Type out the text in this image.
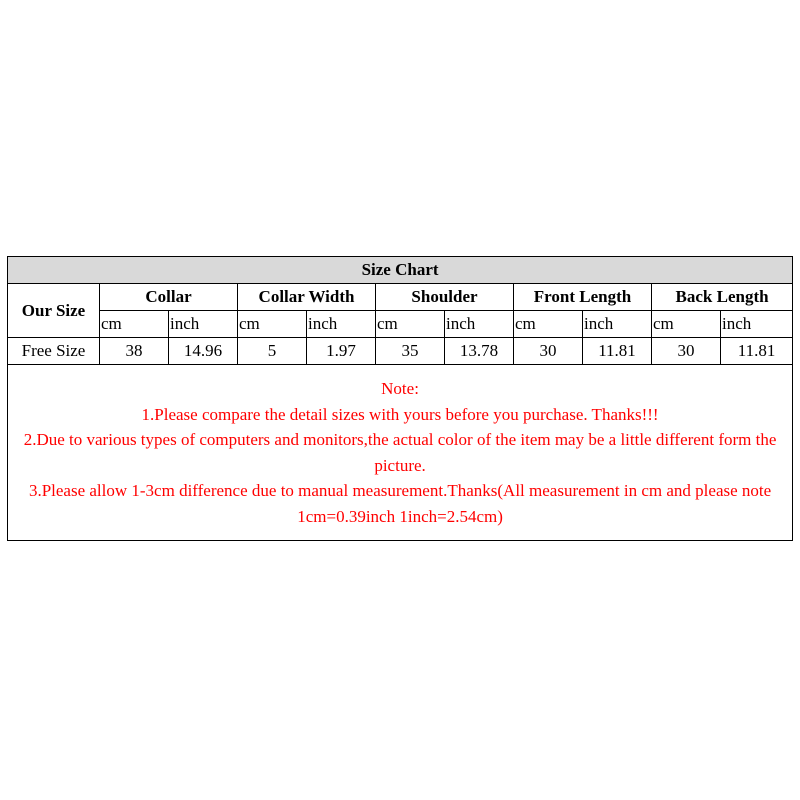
Size Chart										
Our Size	Collar		Collar Width		Shoulder		Front Length		Back Length	
	cm	inch	cm	inch	cm	inch	cm	inch	cm	inch
Free Size	38	14.96	5	1.97	35	13.78	30	11.81	30	11.81

Note:
1.Please compare the detail sizes with yours before you purchase. Thanks!!!
2.Due to various types of computers and monitors,the actual color of the item may be a little different form the picture.
3.Please allow 1-3cm difference due to manual measurement.Thanks(All measurement in cm and please note 1cm=0.39inch 1inch=2.54cm)										
